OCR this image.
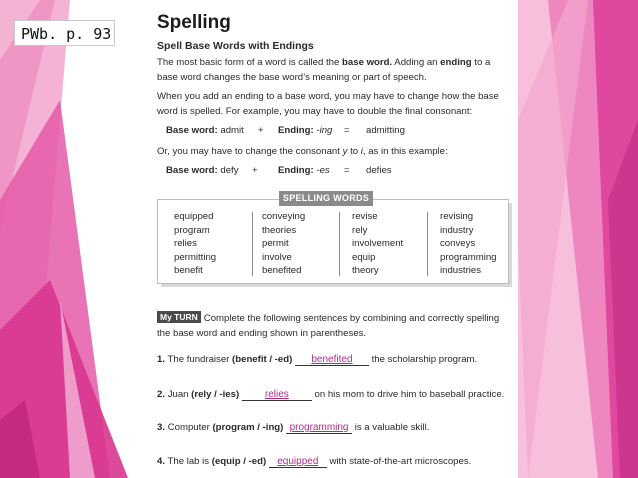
PWb. p. 93
Spelling
Spell Base Words with Endings
The most basic form of a word is called the base word. Adding an ending to a base word changes the base word’s meaning or part of speech.
When you add an ending to a base word, you may have to change how the base word is spelled. For example, you may have to double the final consonant:
Base word: admit + Ending: -ing = admitting
Or, you may have to change the consonant y to i, as in this example:
Base word: defy + Ending: -es = defies
SPELLING WORDS
equipped
program
relies
permitting
benefit
conveying
theories
permit
involve
benefited
revise
rely
involvement
equip
theory
revising
industry
conveys
programming
industries
My TURN Complete the following sentences by combining and correctly spelling the base word and ending shown in parentheses.
1. The fundraiser (benefit / -ed) benefited the scholarship program.
2. Juan (rely / -ies)	relies on his mom to drive him to baseball practice.
3. Computer (program / -ing) programming is a valuable skill.
4. The lab is (equip / -ed) equipped with state-of-the-art microscopes.
